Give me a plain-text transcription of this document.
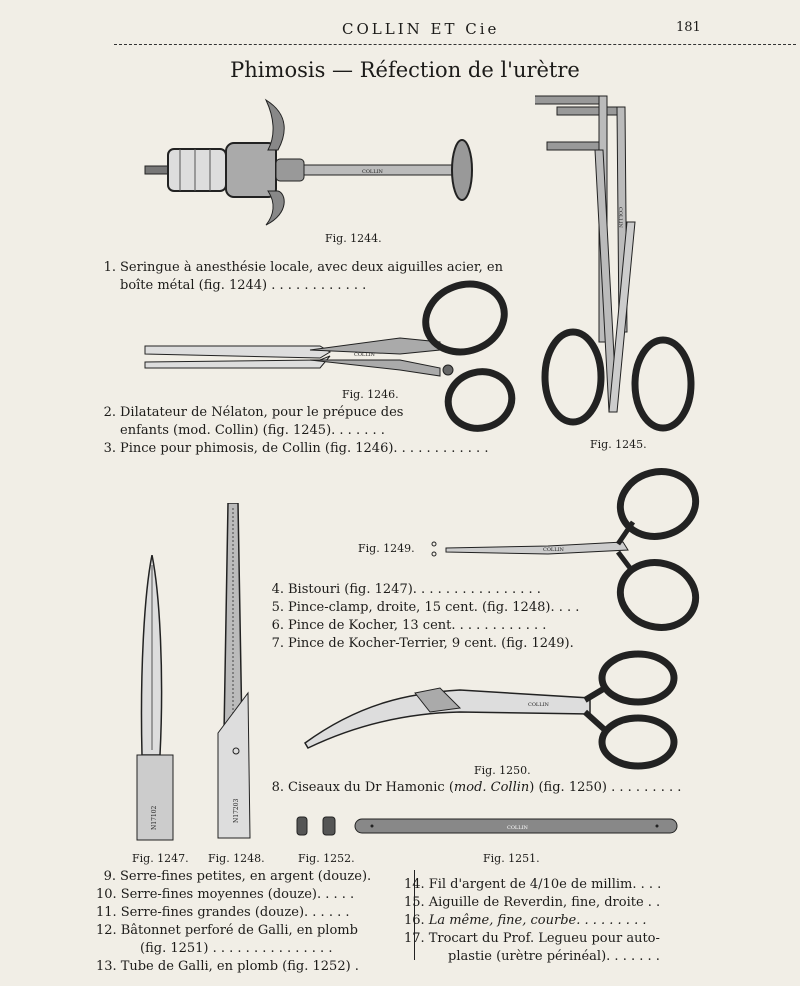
COLLIN ET Cie	181
Phimosis — Réfection de l'urètre
COLLIN
Fig. 1244.
COLLIN
Fig. 1245.
1. Seringue à anesthésie locale, avec deux aiguilles acier, en
boîte métal (fig. 1244) . . . . . . . . . . . .
COLLIN
Fig. 1246.
2. Dilatateur de Nélaton, pour le prépuce des
enfants (mod. Collin) (fig. 1245). . . . . . .
3. Pince pour phimosis, de Collin (fig. 1246). . . . . . . . . . . .
N17102	N17203
Fig. 1249.	COLLIN
4. Bistouri (fig. 1247). . . . . . . . . . . . . . . .
5. Pince-clamp, droite, 15 cent. (fig. 1248). . . .
6. Pince de Kocher, 13 cent. . . . . . . . . . . .
7. Pince de Kocher-Terrier, 9 cent. (fig. 1249).
COLLIN
Fig. 1250.
8. Ciseaux du Dr Hamonic (mod. Collin) (fig. 1250) . . . . . . . . .
COLLIN
Fig. 1247. Fig. 1248.	Fig. 1252.	Fig. 1251.
9. Serre-fines petites, en argent (douze).
10. Serre-fines moyennes (douze). . . . .
11. Serre-fines grandes (douze). . . . . .
12. Bâtonnet perforé de Galli, en plomb
(fig. 1251) . . . . . . . . . . . . . . .
13. Tube de Galli, en plomb (fig. 1252) .
14. Fil d'argent de 4/10e de millim. . . .
15. Aiguille de Reverdin, fine, droite . .
16. La même, fine, courbe. . . . . . . . .
17. Trocart du Prof. Legueu pour auto-
plastie (urètre périnéal). . . . . . .
